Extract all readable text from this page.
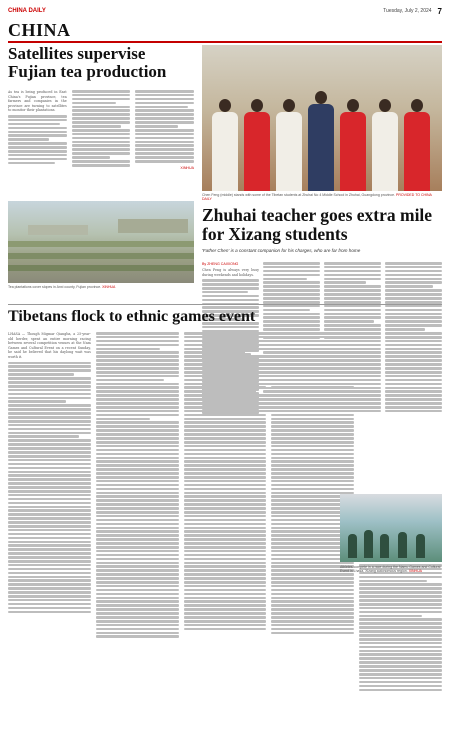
CHINA DAILY	Tuesday, July 2, 2024 7
CHINA
Satellites supervise Fujian tea production

As tea is being produced in East China's Fujian province, tea farmers and companies in the province are turning to satellites to monitor their plantations.

XINHUA
Tea plantations cover slopes in Anxi county, Fujian province. XINHUA
Chen Feng (middle) stands with some of the Tibetan students at Zhuhai No 4 Middle School in Zhuhai, Guangdong province. PROVIDED TO CHINA DAILY
Zhuhai teacher goes extra mile for Xizang students
'Father Chen' is a constant companion for his charges, who are far from home
By ZHENG CAIXIONG

Chen Feng is always very busy during weekends and holidays.

Tibetans flock to ethnic games event

LHASA — Though Migmar Qiangba, a 25-year-old herder, spent an entire morning racing between several competition venues at the Nam Games and Cultural Event on a recent Sunday, he said he believed that his daylong wait was worth it.

Athletes compete in a race during the Namu Games and Cultural Event in Lhasa, Xizang autonomous region. XINHUA
